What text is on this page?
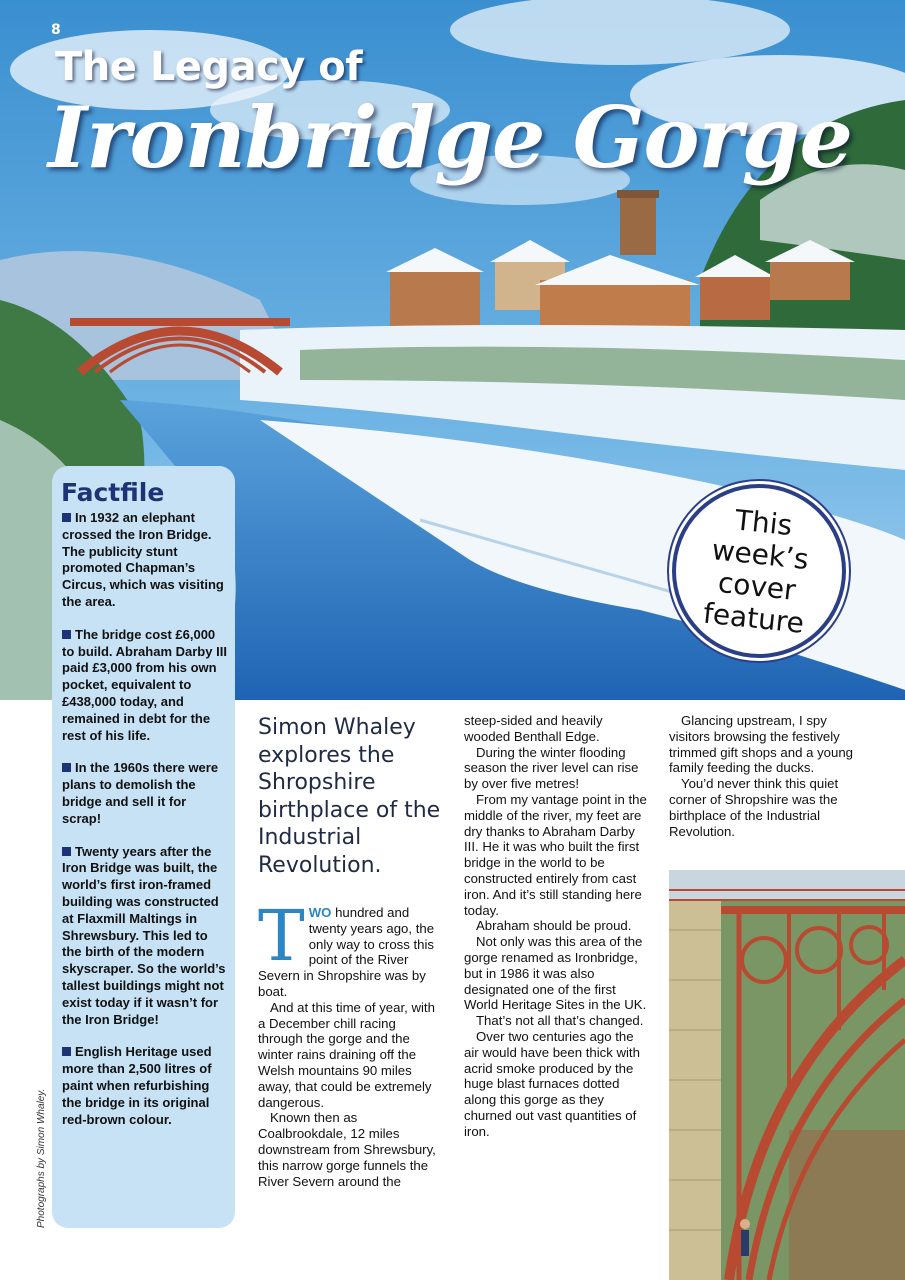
8
The Legacy of
Ironbridge Gorge
This
week’s
cover
feature
In 1932 an elephant crossed the Iron Bridge. The publicity stunt promoted Chapman’s Circus, which was visiting the area.
The bridge cost £6,000 to build. Abraham Darby III paid £3,000 from his own pocket, equivalent to £438,000 today, and remained in debt for the rest of his life.
In the 1960s there were plans to demolish the bridge and sell it for scrap!
Twenty years after the Iron Bridge was built, the world’s first iron-framed building was constructed at Flaxmill Maltings in Shrewsbury. This led to the birth of the modern skyscraper. So the world’s tallest buildings might not exist today if it wasn’t for the Iron Bridge!
English Heritage used more than 2,500 litres of paint when refurbishing the bridge in its original red-brown colour.
Factfile
Photographs by Simon Whaley.
Simon Whaley explores the Shropshire birthplace of the Industrial Revolution.

TWO hundred and twenty years ago, the only way to cross this point of the River Severn in Shropshire was by boat.

And at this time of year, with a December chill racing through the gorge and the winter rains draining off the Welsh mountains 90 miles away, that could be extremely dangerous.

Known then as Coalbrookdale, 12 miles downstream from Shrewsbury, this narrow gorge funnels the River Severn around the

steep-sided and heavily wooded Benthall Edge.

During the winter flooding season the river level can rise by over five metres!

From my vantage point in the middle of the river, my feet are dry thanks to Abraham Darby III. He it was who built the first bridge in the world to be constructed entirely from cast iron. And it’s still standing here today.

Abraham should be proud.

Not only was this area of the gorge renamed as Ironbridge, but in 1986 it was also designated one of the first World Heritage Sites in the UK.

That’s not all that’s changed.

Over two centuries ago the air would have been thick with acrid smoke produced by the huge blast furnaces dotted along this gorge as they churned out vast quantities of iron.

Glancing upstream, I spy visitors browsing the festively trimmed gift shops and a young family feeding the ducks.

You’d never think this quiet corner of Shropshire was the birthplace of the Industrial Revolution.
